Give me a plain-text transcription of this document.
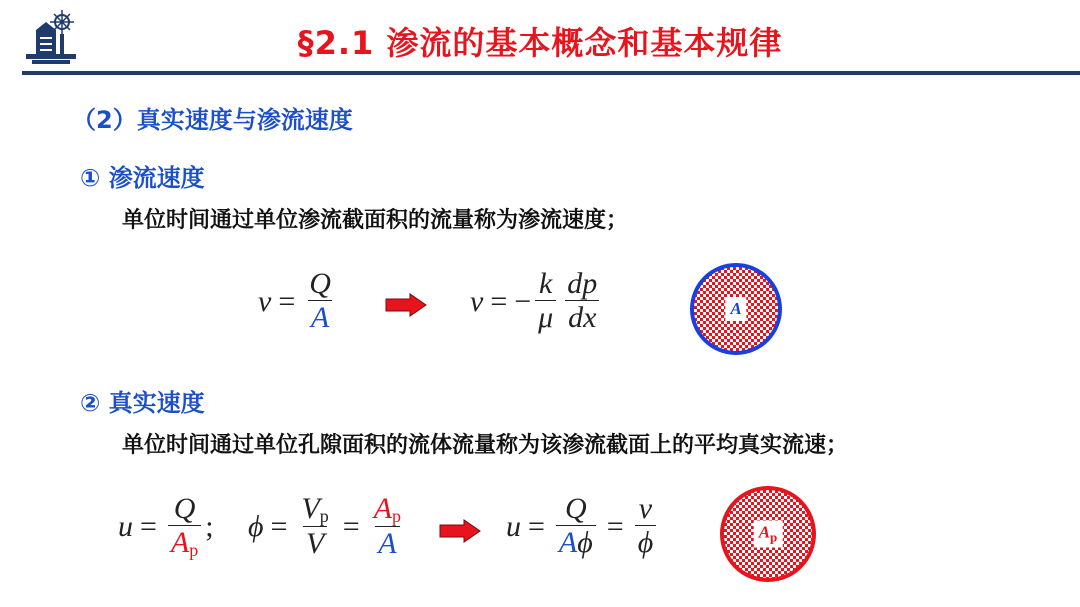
§2.1 渗流的基本概念和基本规律
（2）真实速度与渗流速度
① 渗流速度
单位时间通过单位渗流截面积的流量称为渗流速度；
$v = \frac{Q}{A}$	v = − $\frac{k}{\mu} \frac{dp}{dx}$	A
② 真实速度
单位时间通过单位孔隙面积的流体流量称为该渗流截面上的平均真实流速；
$u = \frac{Q}{A_p}$ ; $\phi = \frac{V_p}{V} = \frac{A_p}{A}$	$u = \frac{Q}{A\phi} = \frac{v}{\phi}$	$A_p$
